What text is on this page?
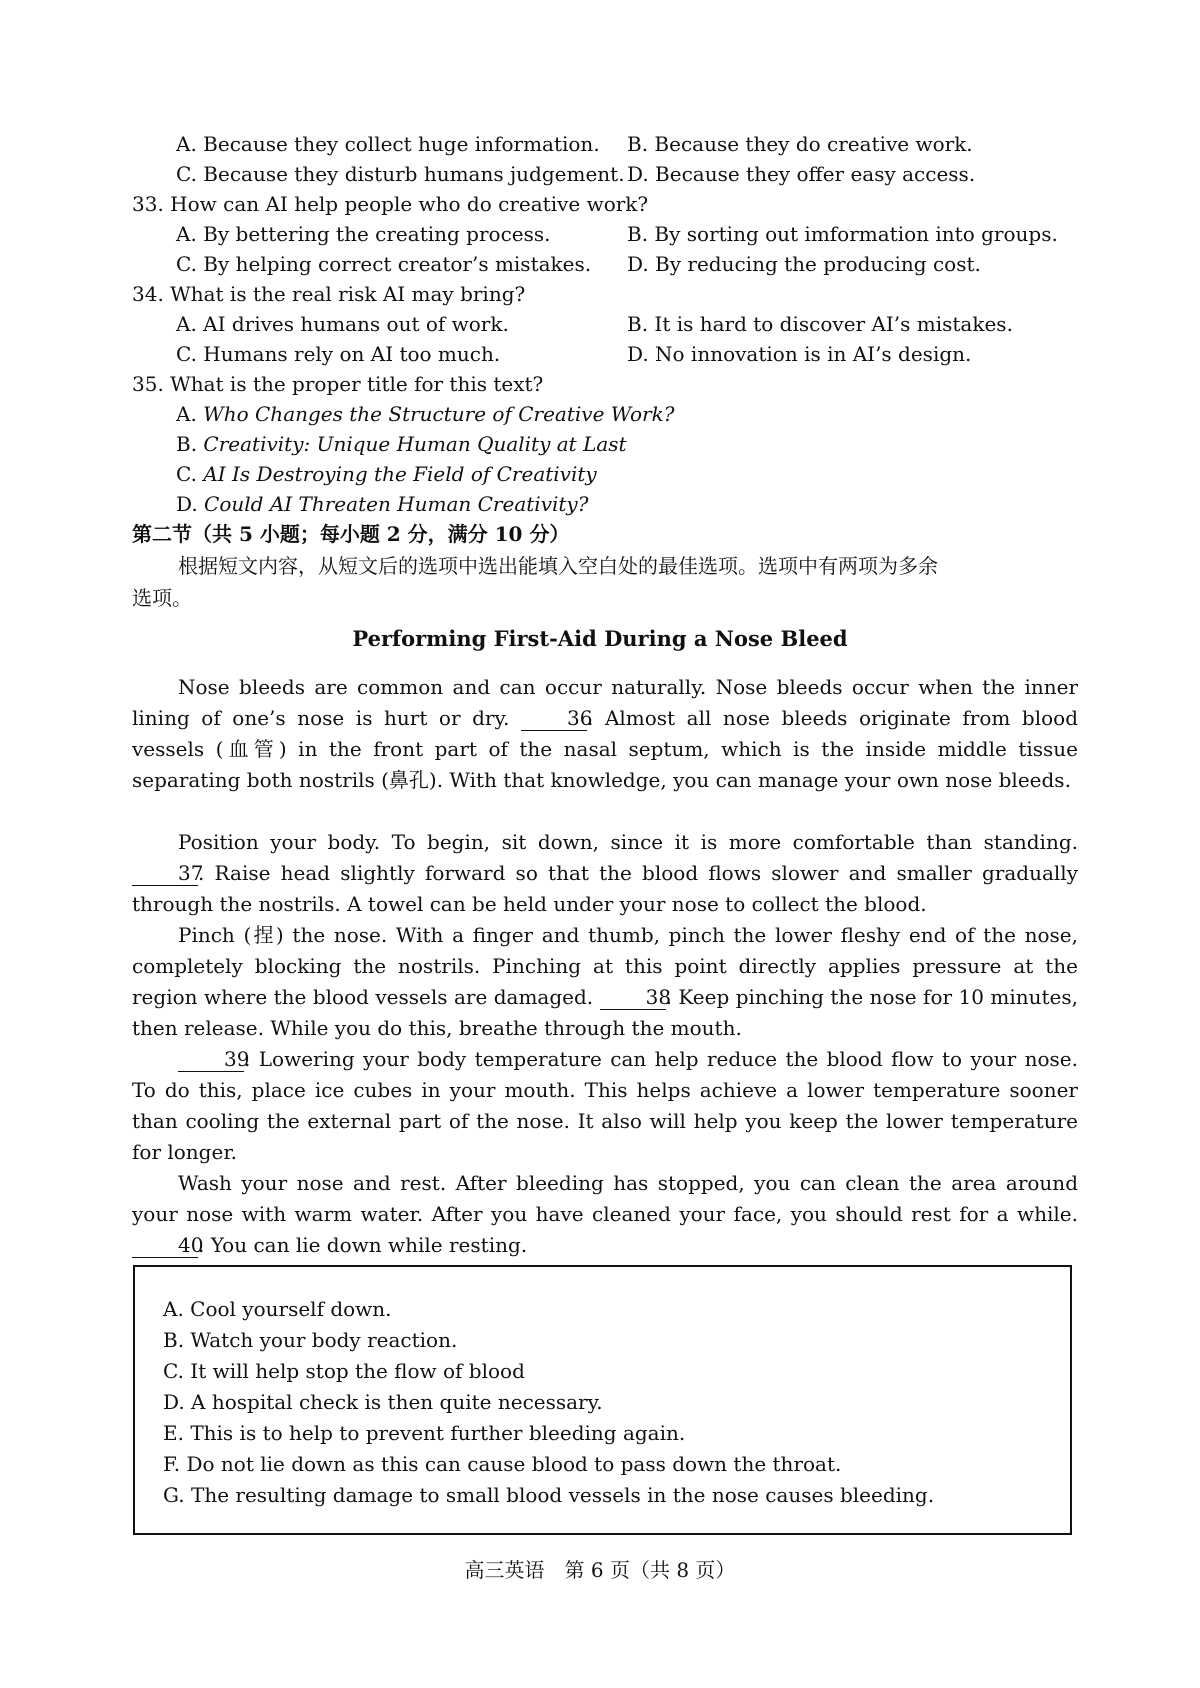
A. Because they collect huge information. B. Because they do creative work.
C. Because they disturb humans judgement. D. Because they offer easy access.
33. How can AI help people who do creative work?
A. By bettering the creating process.	B. By sorting out imformation into groups.
C. By helping correct creator’s mistakes. D. By reducing the producing cost.
34. What is the real risk AI may bring?
A. AI drives humans out of work.	B. It is hard to discover AI’s mistakes.
C. Humans rely on AI too much.	D. No innovation is in AI’s design.
35. What is the proper title for this text?
A. Who Changes the Structure of Creative Work?
B. Creativity: Unique Human Quality at Last
C. AI Is Destroying the Field of Creativity
D. Could AI Threaten Human Creativity?
第二节（共 5 小题；每小题 2 分，满分 10 分）
根据短文内容，从短文后的选项中选出能填入空白处的最佳选项。选项中有两项为多余
选项。
Performing First-Aid During a Nose Bleed
Nose bleeds are common and can occur naturally. Nose bleeds occur when the inner lining of one’s nose is hurt or dry.	36. Almost all nose bleeds originate from blood vessels (血管) in the front part of the nasal septum, which is the inside middle tissue separating both nostrils (鼻孔). With that knowledge, you can manage your own nose bleeds.
Position your body. To begin, sit down, since it is more comfortable than standing. 37. Raise head slightly forward so that the blood flows slower and smaller gradually through the nostrils. A towel can be held under your nose to collect the blood.
Pinch (捏) the nose. With a finger and thumb, pinch the lower fleshy end of the nose, completely blocking the nostrils. Pinching at this point directly applies pressure at the region where the blood vessels are damaged.	38. Keep pinching the nose for 10 minutes, then release. While you do this, breathe through the mouth.
39. Lowering your body temperature can help reduce the blood flow to your nose. To do this, place ice cubes in your mouth. This helps achieve a lower temperature sooner than cooling the external part of the nose. It also will help you keep the lower temperature for longer.
Wash your nose and rest. After bleeding has stopped, you can clean the area around your nose with warm water. After you have cleaned your face, you should rest for a while. 40. You can lie down while resting.
A. Cool yourself down.
B. Watch your body reaction.
C. It will help stop the flow of blood
D. A hospital check is then quite necessary.
E. This is to help to prevent further bleeding again.
F. Do not lie down as this can cause blood to pass down the throat.
G. The resulting damage to small blood vessels in the nose causes bleeding.
高三英语　第 6 页（共 8 页）
